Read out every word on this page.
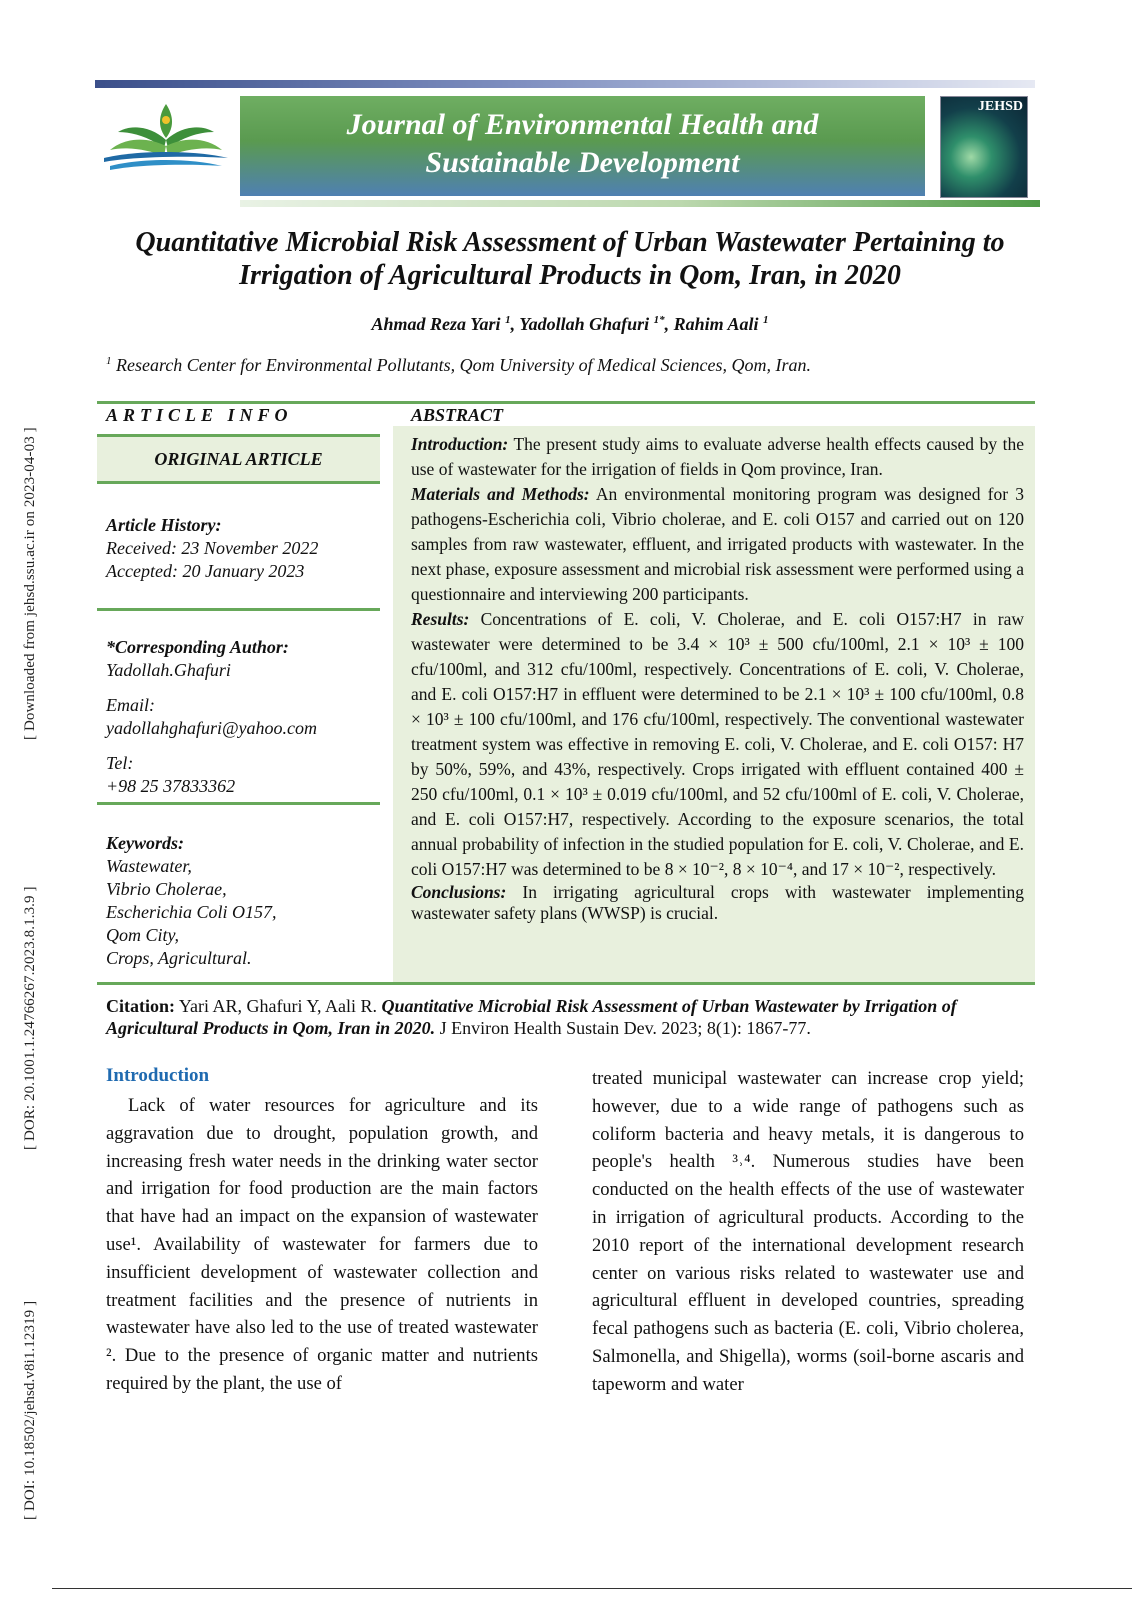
[ Downloaded from jehsd.ssu.ac.ir on 2023-04-03 ]
[ DOR: 20.1001.1.24766267.2023.8.1.3.9 ]
[ DOI: 10.18502/jehsd.v8i1.12319 ]
Journal of Environmental Health and
Sustainable Development
JEHSD
Quantitative Microbial Risk Assessment of Urban Wastewater Pertaining to Irrigation of Agricultural Products in Qom, Iran, in 2020
Ahmad Reza Yari $^1$, Yadollah Ghafuri $^{1*}$, Rahim Aali $^1$
$^1$ Research Center for Environmental Pollutants, Qom University of Medical Sciences, Qom, Iran.
ARTICLE INFO
ORIGINAL ARTICLE
Article History:
Received: 23 November 2022
Accepted: 20 January 2023
*Corresponding Author:
Yadollah.Ghafuri
Email:
yadollahghafuri@yahoo.com
Tel:
+98 25 37833362
Keywords:
Wastewater,
Vibrio Cholerae,
Escherichia Coli O157,
Qom City,
Crops, Agricultural.
ABSTRACT

Introduction: The present study aims to evaluate adverse health effects caused by the use of wastewater for the irrigation of fields in Qom province, Iran.

Materials and Methods: An environmental monitoring program was designed for 3 pathogens-Escherichia coli, Vibrio cholerae, and E. coli O157 and carried out on 120 samples from raw wastewater, effluent, and irrigated products with wastewater. In the next phase, exposure assessment and microbial risk assessment were performed using a questionnaire and interviewing 200 participants.

Results: Concentrations of E. coli, V. Cholerae, and E. coli O157:H7 in raw wastewater were determined to be 3.4 × 10³ ± 500 cfu/100ml, 2.1 × 10³ ± 100 cfu/100ml, and 312 cfu/100ml, respectively. Concentrations of E. coli, V. Cholerae, and E. coli O157:H7 in effluent were determined to be 2.1 × 10³ ± 100 cfu/100ml, 0.8 × 10³ ± 100 cfu/100ml, and 176 cfu/100ml, respectively. The conventional wastewater treatment system was effective in removing E. coli, V. Cholerae, and E. coli O157: H7 by 50%, 59%, and 43%, respectively. Crops irrigated with effluent contained 400 ± 250 cfu/100ml, 0.1 × 10³ ± 0.019 cfu/100ml, and 52 cfu/100ml of E. coli, V. Cholerae, and E. coli O157:H7, respectively. According to the exposure scenarios, the total annual probability of infection in the studied population for E. coli, V. Cholerae, and E. coli O157:H7 was determined to be 8 × 10⁻², 8 × 10⁻⁴, and 17 × 10⁻², respectively.

Conclusions: In irrigating agricultural crops with wastewater implementing wastewater safety plans (WWSP) is crucial.

Citation: Yari AR, Ghafuri Y, Aali R. Quantitative Microbial Risk Assessment of Urban Wastewater by Irrigation of Agricultural Products in Qom, Iran in 2020. J Environ Health Sustain Dev. 2023; 8(1): 1867-77.
Introduction
Lack of water resources for agriculture and its aggravation due to drought, population growth, and increasing fresh water needs in the drinking water sector and irrigation for food production are the main factors that have had an impact on the expansion of wastewater use¹. Availability of wastewater for farmers due to insufficient development of wastewater collection and treatment facilities and the presence of nutrients in wastewater have also led to the use of treated wastewater ². Due to the presence of organic matter and nutrients required by the plant, the use of
treated municipal wastewater can increase crop yield; however, due to a wide range of pathogens such as coliform bacteria and heavy metals, it is dangerous to people's health ³˒⁴. Numerous studies have been conducted on the health effects of the use of wastewater in irrigation of agricultural products. According to the 2010 report of the international development research center on various risks related to wastewater use and agricultural effluent in developed countries, spreading fecal pathogens such as bacteria (E. coli, Vibrio cholerea, Salmonella, and Shigella), worms (soil-borne ascaris and tapeworm and water
